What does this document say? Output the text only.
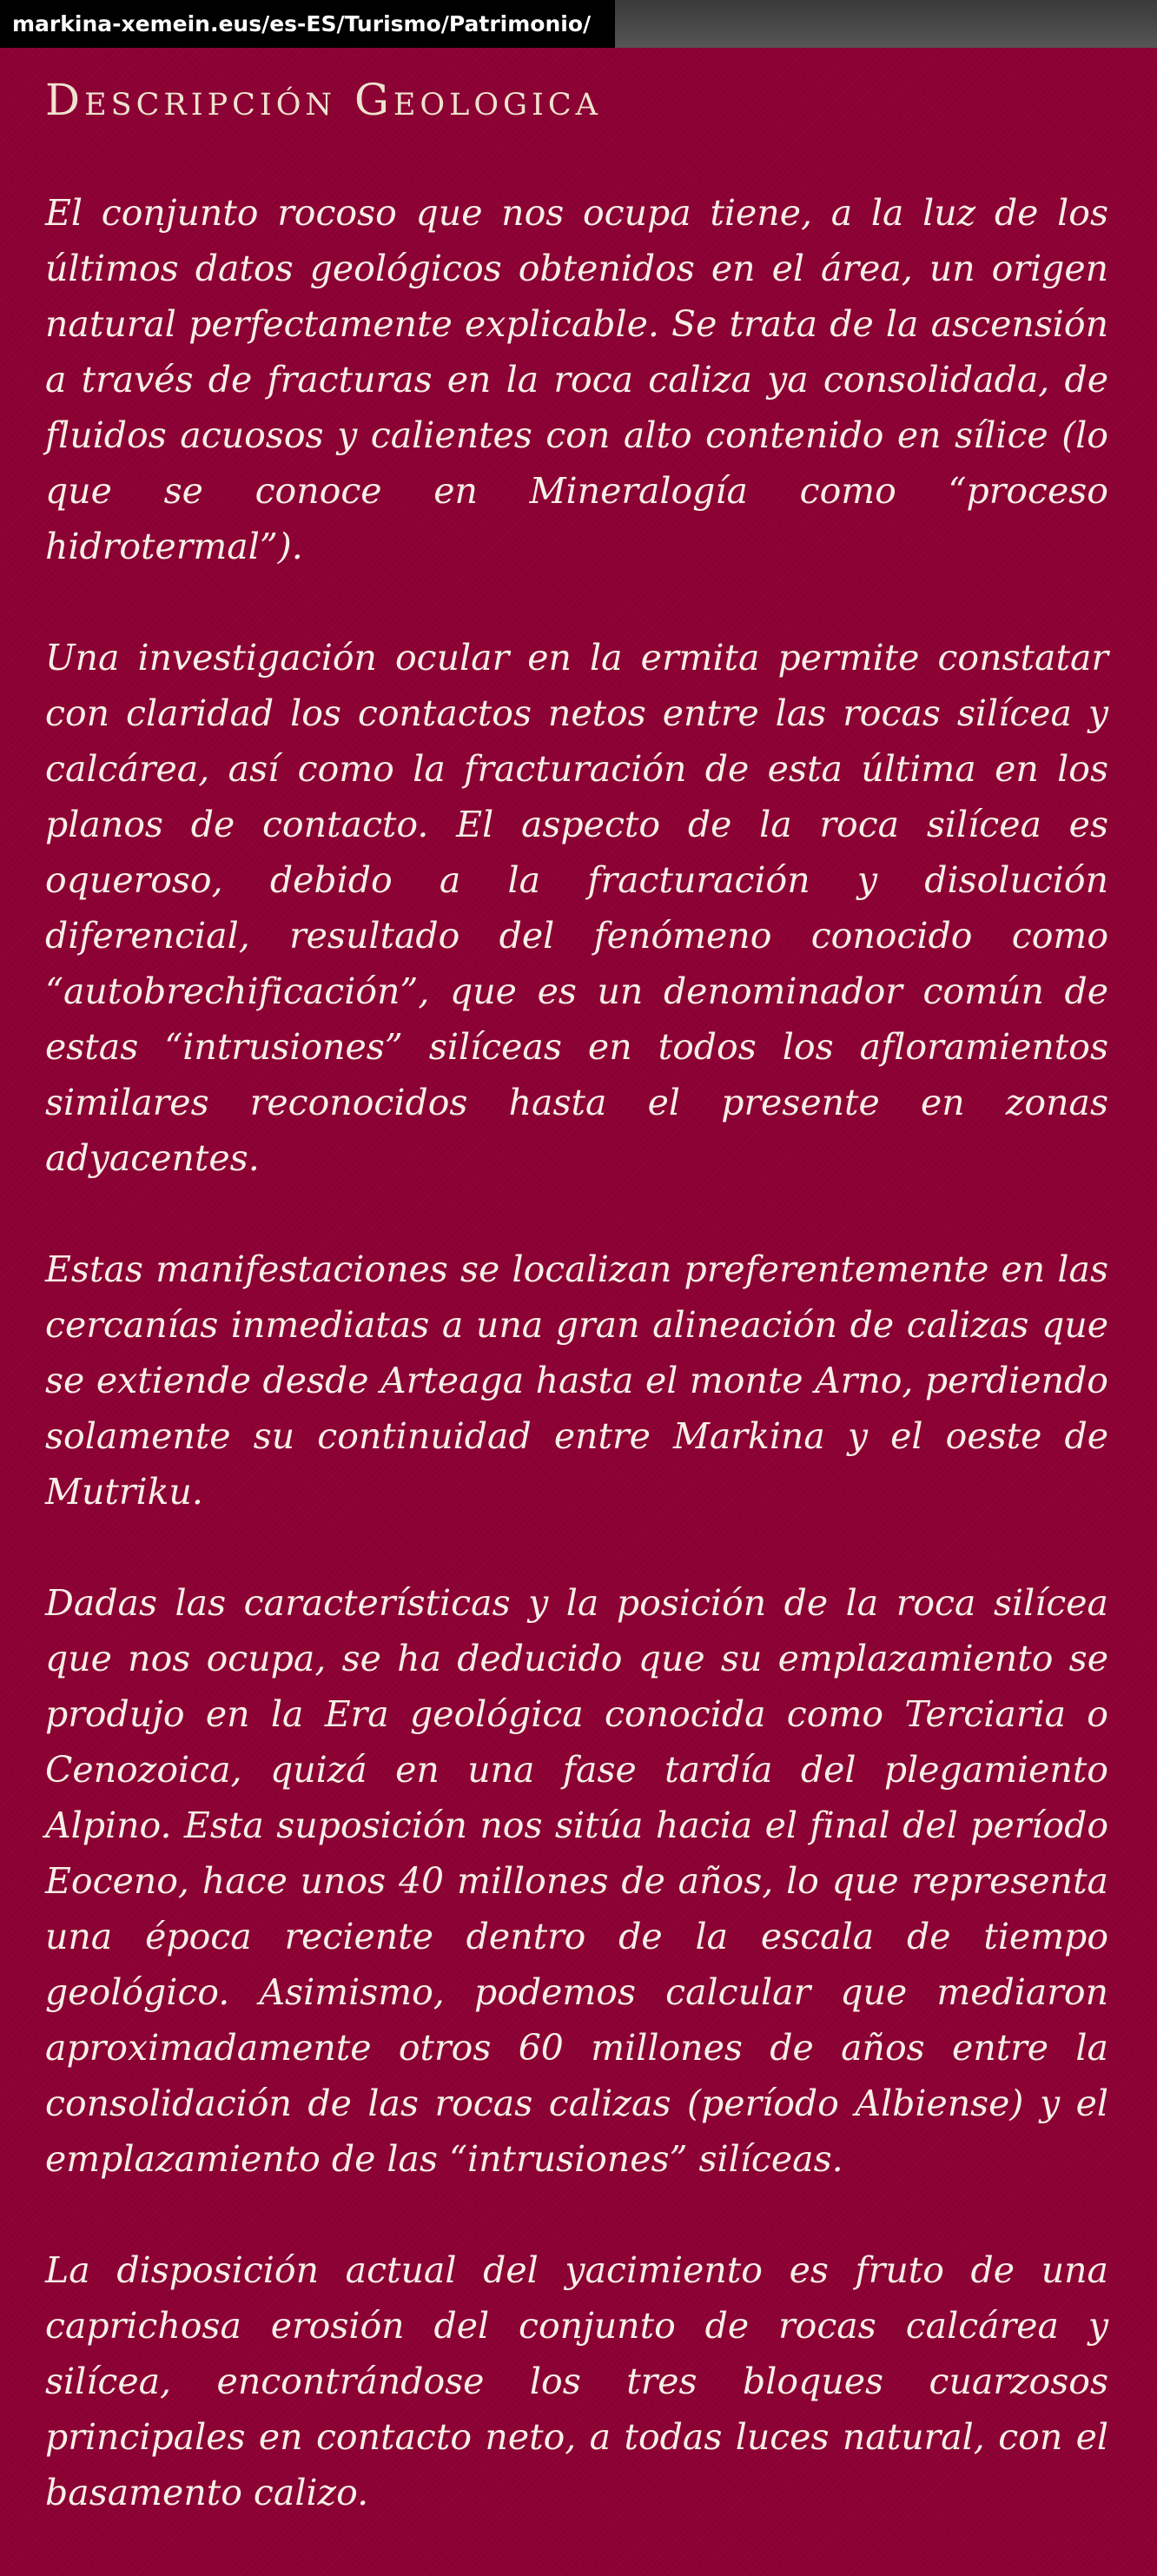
markina-xemein.eus/es-ES/Turismo/Patrimonio/
Descripción Geologica

El conjunto rocoso que nos ocupa tiene, a la luz de los últimos datos geológicos obtenidos en el área, un origen natural perfectamente explicable. Se trata de la ascensión a través de fracturas en la roca caliza ya consolidada, de fluidos acuosos y calientes con alto contenido en sílice (lo que se conoce en Mineralogía como “proceso hidrotermal”).

Una investigación ocular en la ermita permite constatar con claridad los contactos netos entre las rocas silícea y calcárea, así como la fracturación de esta última en los planos de contacto. El aspecto de la roca silícea es oqueroso, debido a la fracturación y disolución diferencial, resultado del fenómeno conocido como “autobrechificación”, que es un denominador común de estas “intrusiones” silíceas en todos los afloramientos similares reconocidos hasta el presente en zonas adyacentes.

Estas manifestaciones se localizan preferentemente en las cercanías inmediatas a una gran alineación de calizas que se extiende desde Arteaga hasta el monte Arno, perdiendo solamente su continuidad entre Markina y el oeste de Mutriku.

Dadas las características y la posición de la roca silícea que nos ocupa, se ha deducido que su emplazamiento se produjo en la Era geológica conocida como Terciaria o Cenozoica, quizá en una fase tardía del plegamiento Alpino. Esta suposición nos sitúa hacia el final del período Eoceno, hace unos 40 millones de años, lo que representa una época reciente dentro de la escala de tiempo geológico. Asimismo, podemos calcular que mediaron aproximadamente otros 60 millones de años entre la consolidación de las rocas calizas (período Albiense) y el emplazamiento de las “intrusiones” silíceas.

La disposición actual del yacimiento es fruto de una caprichosa erosión del conjunto de rocas calcárea y silícea, encontrándose los tres bloques cuarzosos principales en contacto neto, a todas luces natural, con el basamento calizo.
